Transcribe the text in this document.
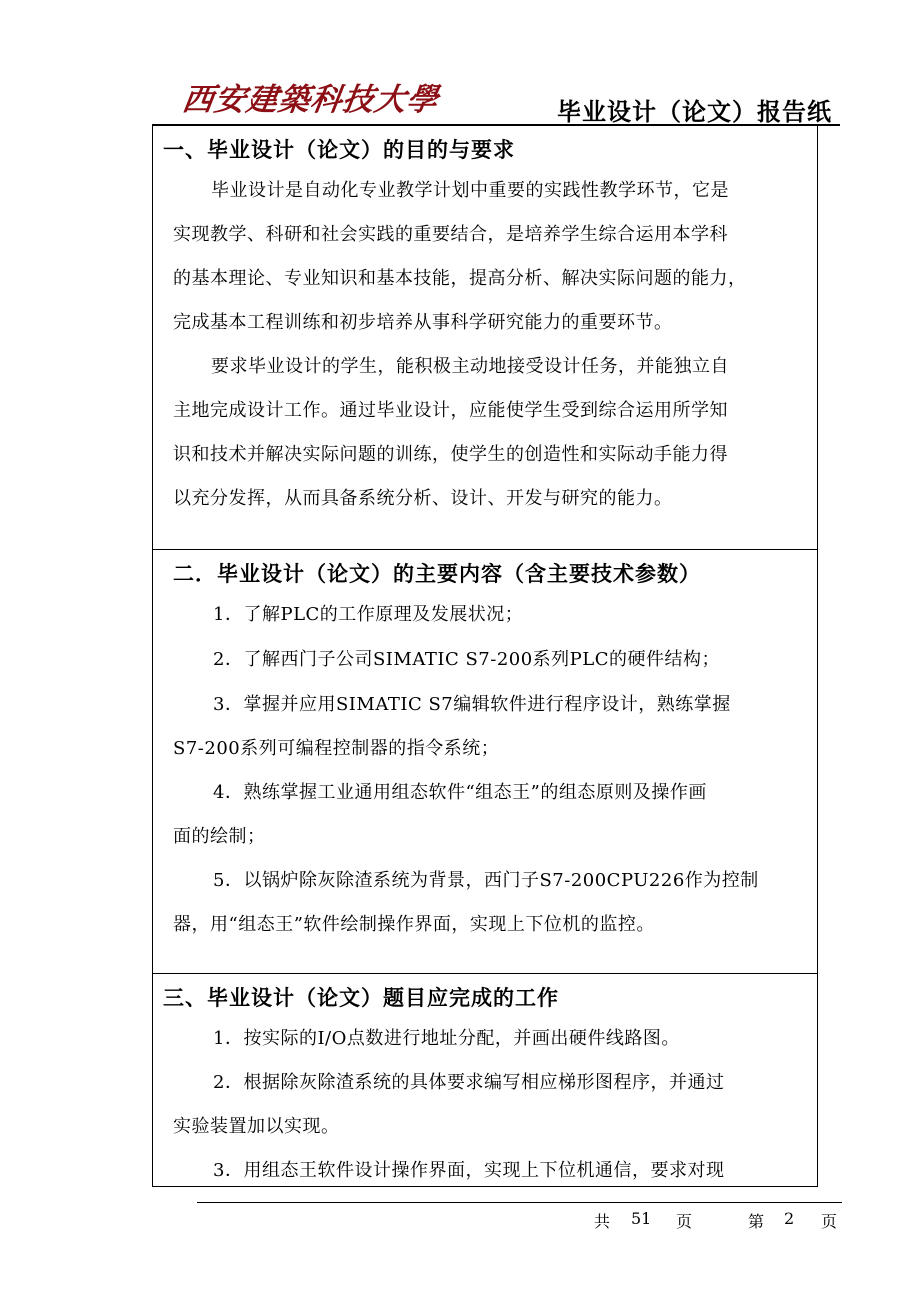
西安建築科技大學	毕业设计（论文）报告纸
一、毕业设计（论文）的目的与要求
毕业设计是自动化专业教学计划中重要的实践性教学环节，它是
实现教学、科研和社会实践的重要结合，是培养学生综合运用本学科
的基本理论、专业知识和基本技能，提高分析、解决实际问题的能力，
完成基本工程训练和初步培养从事科学研究能力的重要环节。
要求毕业设计的学生，能积极主动地接受设计任务，并能独立自
主地完成设计工作。通过毕业设计，应能使学生受到综合运用所学知
识和技术并解决实际问题的训练，使学生的创造性和实际动手能力得
以充分发挥，从而具备系统分析、设计、开发与研究的能力。
二．毕业设计（论文）的主要内容（含主要技术参数）
1．了解PLC的工作原理及发展状况；
2．了解西门子公司SIMATIC S7-200系列PLC的硬件结构；
3．掌握并应用SIMATIC S7编辑软件进行程序设计，熟练掌握
S7-200系列可编程控制器的指令系统；
4．熟练掌握工业通用组态软件“组态王”的组态原则及操作画
面的绘制；
5．以锅炉除灰除渣系统为背景，西门子S7-200CPU226作为控制
器，用“组态王”软件绘制操作界面，实现上下位机的监控。
三、毕业设计（论文）题目应完成的工作
1．按实际的I/O点数进行地址分配，并画出硬件线路图。
2．根据除灰除渣系统的具体要求编写相应梯形图程序，并通过
实验装置加以实现。
3．用组态王软件设计操作界面，实现上下位机通信，要求对现
共 51 页	第 2 页
